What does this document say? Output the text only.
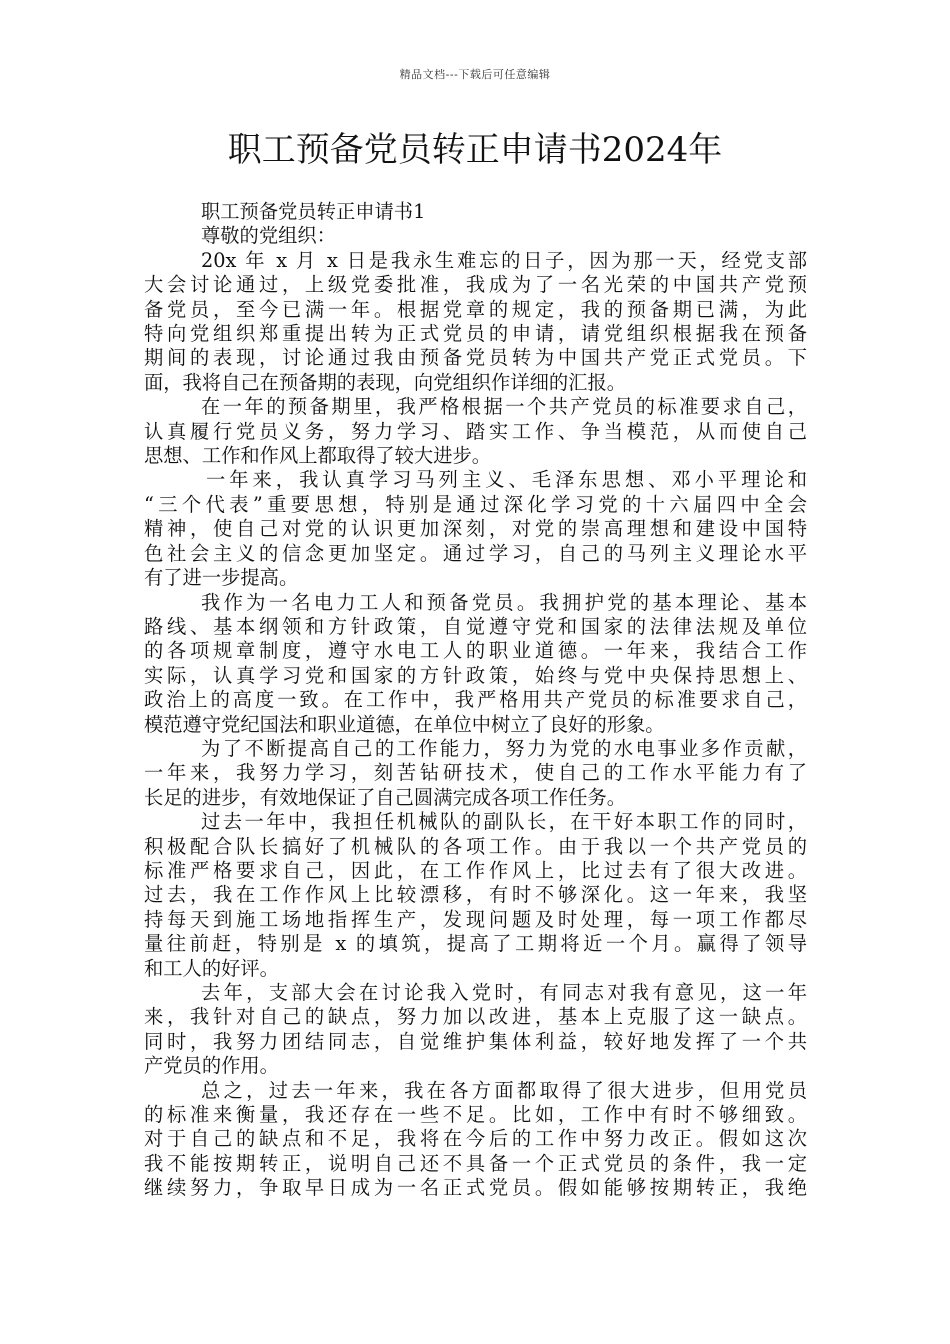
精品文档---下载后可任意编辑
职工预备党员转正申请书2024年
职工预备党员转正申请书1
尊敬的党组织：
20x 年 x 月 x 日是我永生难忘的日子，因为那一天，经党支部
大会讨论通过，上级党委批准，我成为了一名光荣的中国共产党预
备党员，至今已满一年。根据党章的规定，我的预备期已满，为此
特向党组织郑重提出转为正式党员的申请，请党组织根据我在预备
期间的表现，讨论通过我由预备党员转为中国共产党正式党员。下
面，我将自己在预备期的表现，向党组织作详细的汇报。
在一年的预备期里，我严格根据一个共产党员的标准要求自己，
认真履行党员义务，努力学习、踏实工作、争当模范，从而使自己
思想、工作和作风上都取得了较大进步。
一年来，我认真学习马列主义、毛泽东思想、邓小平理论和
“三个代表”重要思想，特别是通过深化学习党的十六届四中全会
精神，使自己对党的认识更加深刻，对党的崇高理想和建设中国特
色社会主义的信念更加坚定。通过学习，自己的马列主义理论水平
有了进一步提高。
我作为一名电力工人和预备党员。我拥护党的基本理论、基本
路线、基本纲领和方针政策，自觉遵守党和国家的法律法规及单位
的各项规章制度，遵守水电工人的职业道德。一年来，我结合工作
实际，认真学习党和国家的方针政策，始终与党中央保持思想上、
政治上的高度一致。在工作中，我严格用共产党员的标准要求自己，
模范遵守党纪国法和职业道德，在单位中树立了良好的形象。
为了不断提高自己的工作能力，努力为党的水电事业多作贡献，
一年来，我努力学习，刻苦钻研技术，使自己的工作水平能力有了
长足的进步，有效地保证了自己圆满完成各项工作任务。
过去一年中，我担任机械队的副队长，在干好本职工作的同时，
积极配合队长搞好了机械队的各项工作。由于我以一个共产党员的
标准严格要求自己，因此，在工作作风上，比过去有了很大改进。
过去，我在工作作风上比较漂移，有时不够深化。这一年来，我坚
持每天到施工场地指挥生产，发现问题及时处理，每一项工作都尽
量往前赶，特别是 x 的填筑，提高了工期将近一个月。赢得了领导
和工人的好评。
去年，支部大会在讨论我入党时，有同志对我有意见，这一年
来，我针对自己的缺点，努力加以改进，基本上克服了这一缺点。
同时，我努力团结同志，自觉维护集体利益，较好地发挥了一个共
产党员的作用。
总之，过去一年来，我在各方面都取得了很大进步，但用党员
的标准来衡量，我还存在一些不足。比如，工作中有时不够细致。
对于自己的缺点和不足，我将在今后的工作中努力改正。假如这次
我不能按期转正，说明自己还不具备一个正式党员的条件，我一定
继续努力，争取早日成为一名正式党员。假如能够按期转正，我绝
